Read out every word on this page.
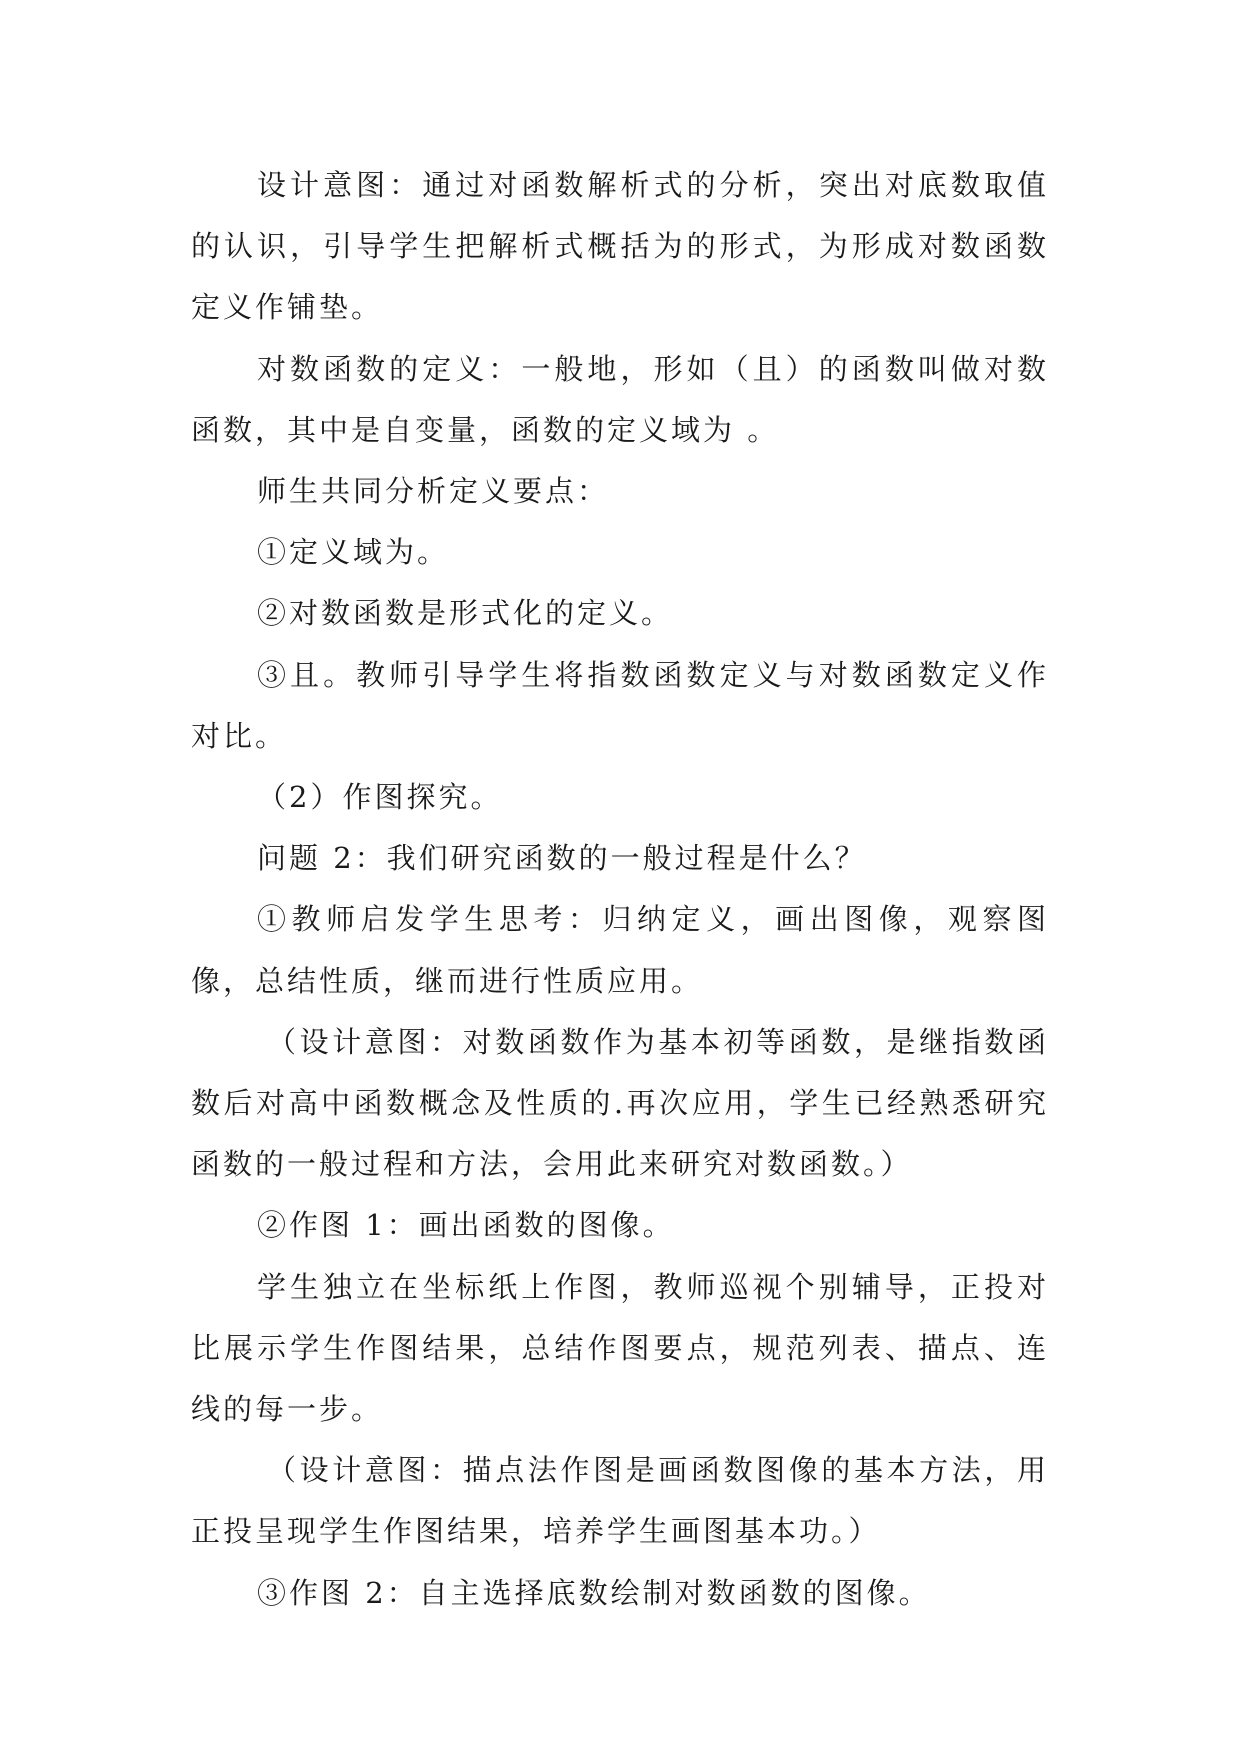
设计意图：通过对函数解析式的分析，突出对底数取值的认识，引导学生把解析式概括为的形式，为形成对数函数定义作铺垫。

对数函数的定义：一般地，形如（且）的函数叫做对数函数，其中是自变量，函数的定义域为 。

师生共同分析定义要点：

①定义域为。

②对数函数是形式化的定义。

③且。教师引导学生将指数函数定义与对数函数定义作对比。

（2）作图探究。

问题 2：我们研究函数的一般过程是什么？

①教师启发学生思考：归纳定义，画出图像，观察图像，总结性质，继而进行性质应用。

（设计意图：对数函数作为基本初等函数，是继指数函数后对高中函数概念及性质的.再次应用，学生已经熟悉研究函数的一般过程和方法，会用此来研究对数函数。）

②作图 1：画出函数的图像。

学生独立在坐标纸上作图，教师巡视个别辅导，正投对比展示学生作图结果，总结作图要点，规范列表、描点、连线的每一步。

（设计意图：描点法作图是画函数图像的基本方法，用正投呈现学生作图结果，培养学生画图基本功。）

③作图 2：自主选择底数绘制对数函数的图像。
